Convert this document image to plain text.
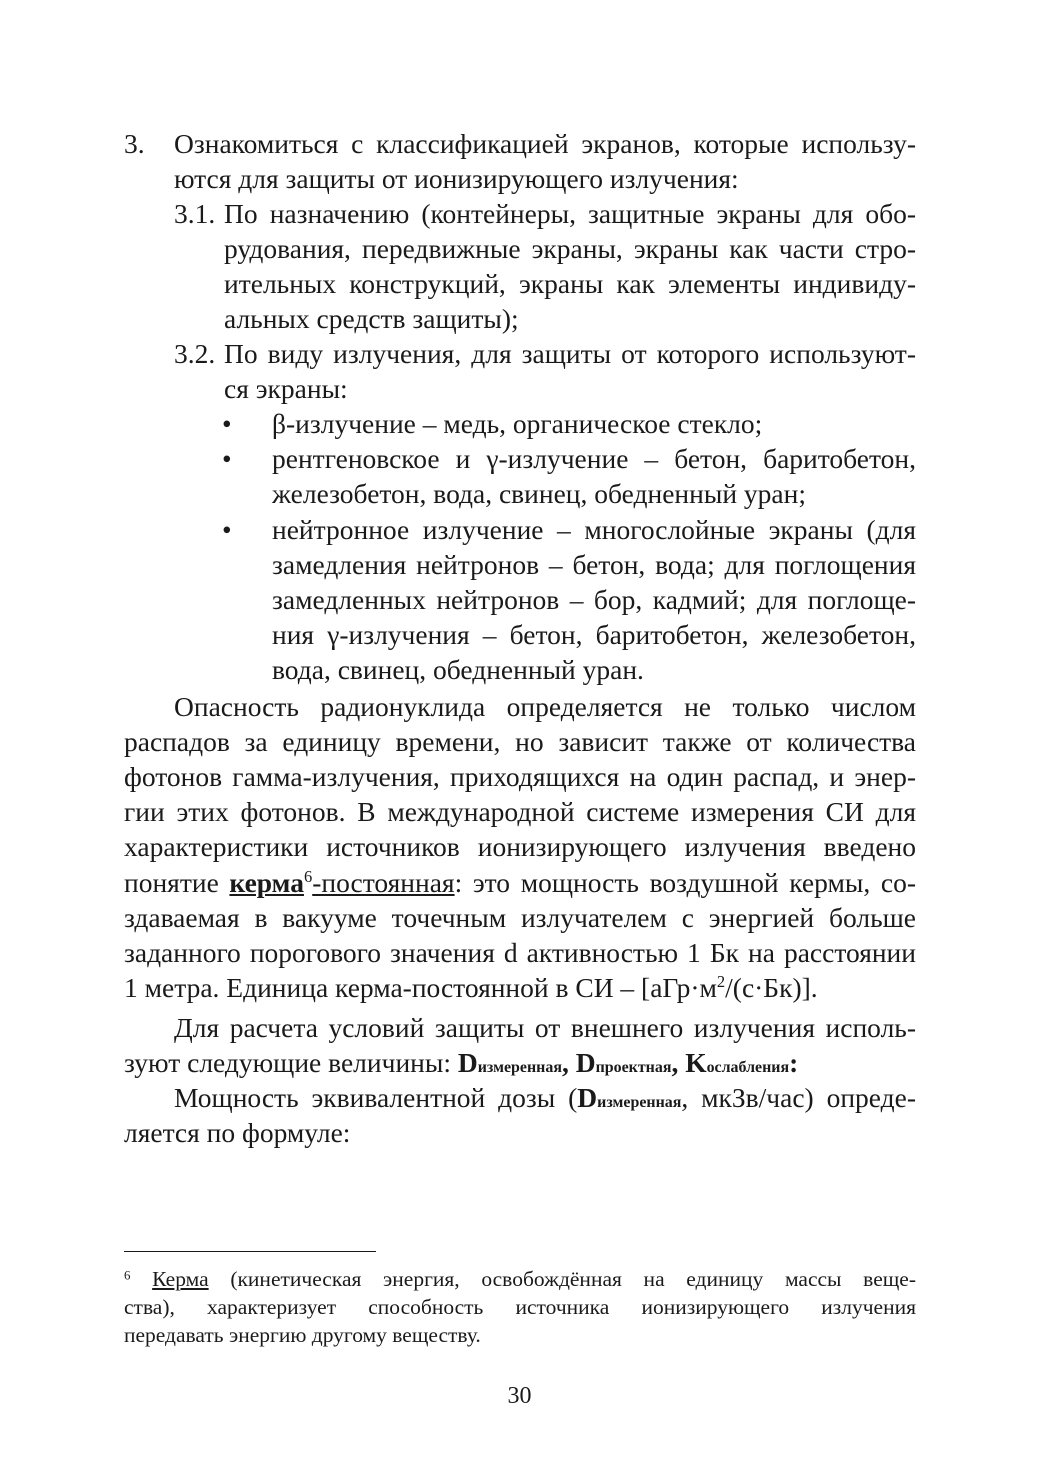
3. Ознакомиться с классификацией экранов, которые использу-
ются для защиты от ионизирующего излучения:
3.1. По назначению (контейнеры, защитные экраны для обо-
рудования, передвижные экраны, экраны как части стро-
ительных конструкций, экраны как элементы индивиду-
альных средств защиты);
3.2. По виду излучения, для защиты от которого используют-
ся экраны:
• β-излучение – медь, органическое стекло;
• рентгеновское и γ-излучение – бетон, баритобетон,
железобетон, вода, свинец, обедненный уран;
• нейтронное излучение – многослойные экраны (для
замедления нейтронов – бетон, вода; для поглощения
замедленных нейтронов – бор, кадмий; для поглоще-
ния γ-излучения – бетон, баритобетон, железобетон,
вода, свинец, обедненный уран.
Опасность радионуклида определяется не только числом
распадов за единицу времени, но зависит также от количества
фотонов гамма-излучения, приходящихся на один распад, и энер-
гии этих фотонов. В международной системе измерения СИ для
характеристики источников ионизирующего излучения введено
понятие керма$^6$-постоянная: это мощность воздушной кермы, со-
здаваемая в вакууме точечным излучателем с энергией больше
заданного порогового значения d активностью 1 Бк на расстоянии
1 метра. Единица керма-постоянной в СИ – $[аГр\cdot м^2/(с\cdot Бк)]$.
Для расчета условий защиты от внешнего излучения исполь-
зуют следующие величины: Dизмеренная, Dпроектная, Kослабления:
Мощность эквивалентной дозы (Dизмеренная, мкЗв/час) опреде-
ляется по формуле:
$^6$ Керма (кинетическая энергия, освобождённая на единицу массы веще-
ства), характеризует способность источника ионизирующего излучения
передавать энергию другому веществу.
30
